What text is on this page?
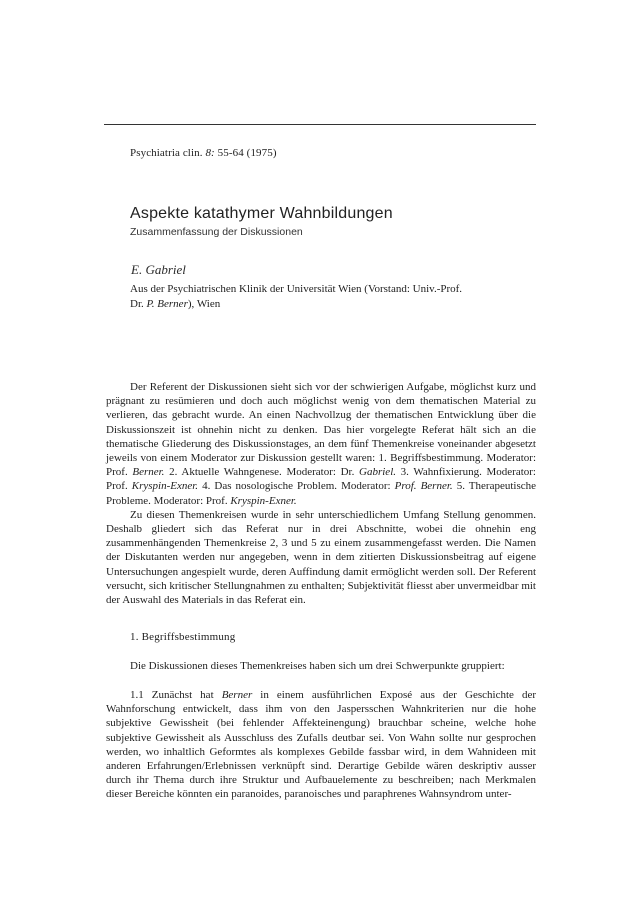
Psychiatria clin. 8: 55-64 (1975)
Aspekte katathymer Wahnbildungen
Zusammenfassung der Diskussionen
E. Gabriel
Aus der Psychiatrischen Klinik der Universität Wien (Vorstand: Univ.-Prof.
Dr. P. Berner), Wien

Der Referent der Diskussionen sieht sich vor der schwierigen Aufgabe, möglichst kurz und prägnant zu resümieren und doch auch möglichst wenig von dem thematischen Material zu verlieren, das gebracht wurde. An einen Nachvollzug der thematischen Entwicklung über die Diskussionszeit ist ohnehin nicht zu denken. Das hier vorgelegte Referat hält sich an die thematische Gliederung des Diskussionstages, an dem fünf Themenkreise voneinander abgesetzt jeweils von einem Moderator zur Diskussion gestellt waren: 1. Begriffsbestimmung. Moderator: Prof. Berner. 2. Aktuelle Wahngenese. Moderator: Dr. Gabriel. 3. Wahnfixierung. Moderator: Prof. Kryspin-Exner. 4. Das nosologische Problem. Moderator: Prof. Berner. 5. Therapeutische Probleme. Moderator: Prof. Kryspin-Exner.

Zu diesen Themenkreisen wurde in sehr unterschiedlichem Umfang Stellung genommen. Deshalb gliedert sich das Referat nur in drei Abschnitte, wobei die ohnehin eng zusammenhängenden Themenkreise 2, 3 und 5 zu einem zusammengefasst werden. Die Namen der Diskutanten werden nur angegeben, wenn in dem zitierten Diskussionsbeitrag auf eigene Untersuchungen angespielt wurde, deren Auffindung damit ermöglicht werden soll. Der Referent versucht, sich kritischer Stellungnahmen zu enthalten; Subjektivität fliesst aber unvermeidbar mit der Auswahl des Materials in das Referat ein.

1. Begriffsbestimmung
Die Diskussionen dieses Themenkreises haben sich um drei Schwerpunkte gruppiert:

1.1 Zunächst hat Berner in einem ausführlichen Exposé aus der Geschichte der Wahnforschung entwickelt, dass ihm von den Jaspersschen Wahnkriterien nur die hohe subjektive Gewissheit (bei fehlender Affekteinengung) brauchbar scheine, welche hohe subjektive Gewissheit als Ausschluss des Zufalls deutbar sei. Von Wahn sollte nur gesprochen werden, wo inhaltlich Geformtes als komplexes Gebilde fassbar wird, in dem Wahnideen mit anderen Erfahrungen/Erlebnissen verknüpft sind. Derartige Gebilde wären deskriptiv ausser durch ihr Thema durch ihre Struktur und Aufbauelemente zu beschreiben; nach Merkmalen dieser Bereiche könnten ein paranoides, paranoisches und paraphrenes Wahnsyndrom unter-
